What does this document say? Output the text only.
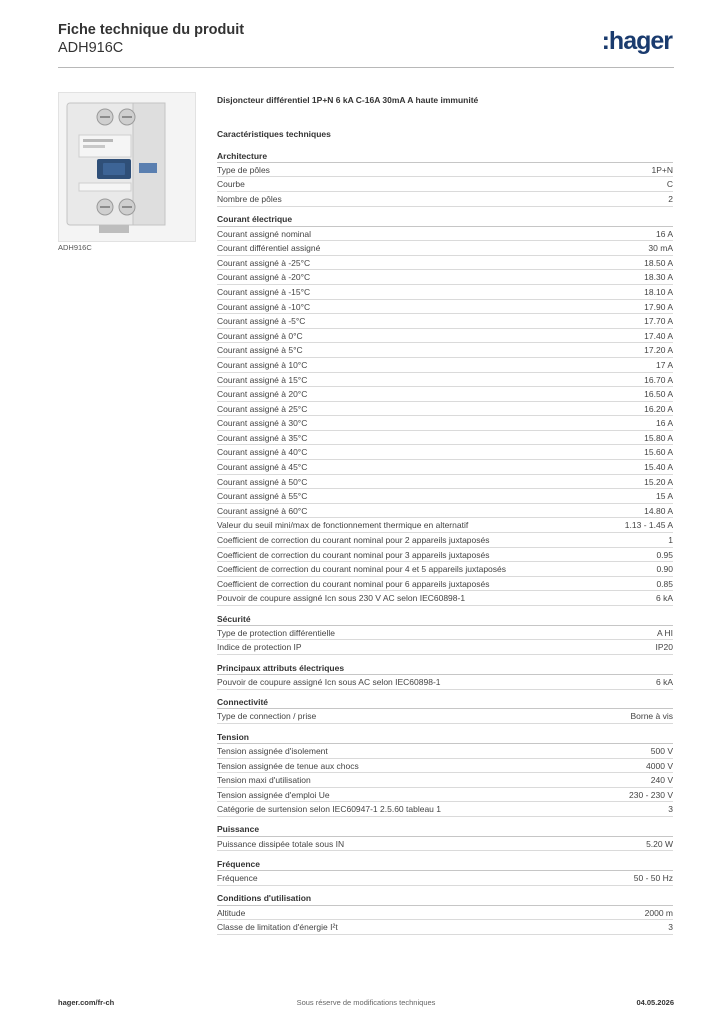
Fiche technique du produit
ADH916C	:hager
ADH916C
Disjoncteur différentiel 1P+N 6 kA C-16A 30mA A haute immunité
Caractéristiques techniques
Architecture
Type de pôles	1P+N
Courbe	C
Nombre de pôles	2
Courant électrique
Courant assigné nominal	16 A
Courant différentiel assigné	30 mA
Courant assigné à -25°C	18.50 A
Courant assigné à -20°C	18.30 A
Courant assigné à -15°C	18.10 A
Courant assigné à -10°C	17.90 A
Courant assigné à -5°C	17.70 A
Courant assigné à 0°C	17.40 A
Courant assigné à 5°C	17.20 A
Courant assigné à 10°C	17 A
Courant assigné à 15°C	16.70 A
Courant assigné à 20°C	16.50 A
Courant assigné à 25°C	16.20 A
Courant assigné à 30°C	16 A
Courant assigné à 35°C	15.80 A
Courant assigné à 40°C	15.60 A
Courant assigné à 45°C	15.40 A
Courant assigné à 50°C	15.20 A
Courant assigné à 55°C	15 A
Courant assigné à 60°C	14.80 A
Valeur du seuil mini/max de fonctionnement thermique en alternatif	1.13 - 1.45 A
Coefficient de correction du courant nominal pour 2 appareils juxtaposés	1
Coefficient de correction du courant nominal pour 3 appareils juxtaposés	0.95
Coefficient de correction du courant nominal pour 4 et 5 appareils juxtaposés	0.90
Coefficient de correction du courant nominal pour 6 appareils juxtaposés	0.85
Pouvoir de coupure assigné Icn sous 230 V AC selon IEC60898-1	6 kA
Sécurité
Type de protection différentielle	A HI
Indice de protection IP	IP20
Principaux attributs électriques
Pouvoir de coupure assigné Icn sous AC selon IEC60898-1	6 kA
Connectivité
Type de connection / prise	Borne à vis
Tension
Tension assignée d'isolement	500 V
Tension assignée de tenue aux chocs	4000 V
Tension maxi d'utilisation	240 V
Tension assignée d'emploi Ue	230 - 230 V
Catégorie de surtension selon IEC60947-1 2.5.60 tableau 1	3
Puissance
Puissance dissipée totale sous IN	5.20 W
Fréquence
Fréquence	50 - 50 Hz
Conditions d'utilisation
Altitude	2000 m
Classe de limitation d'énergie I²t	3
hager.com/fr-ch	Sous réserve de modifications techniques	04.05.2026
